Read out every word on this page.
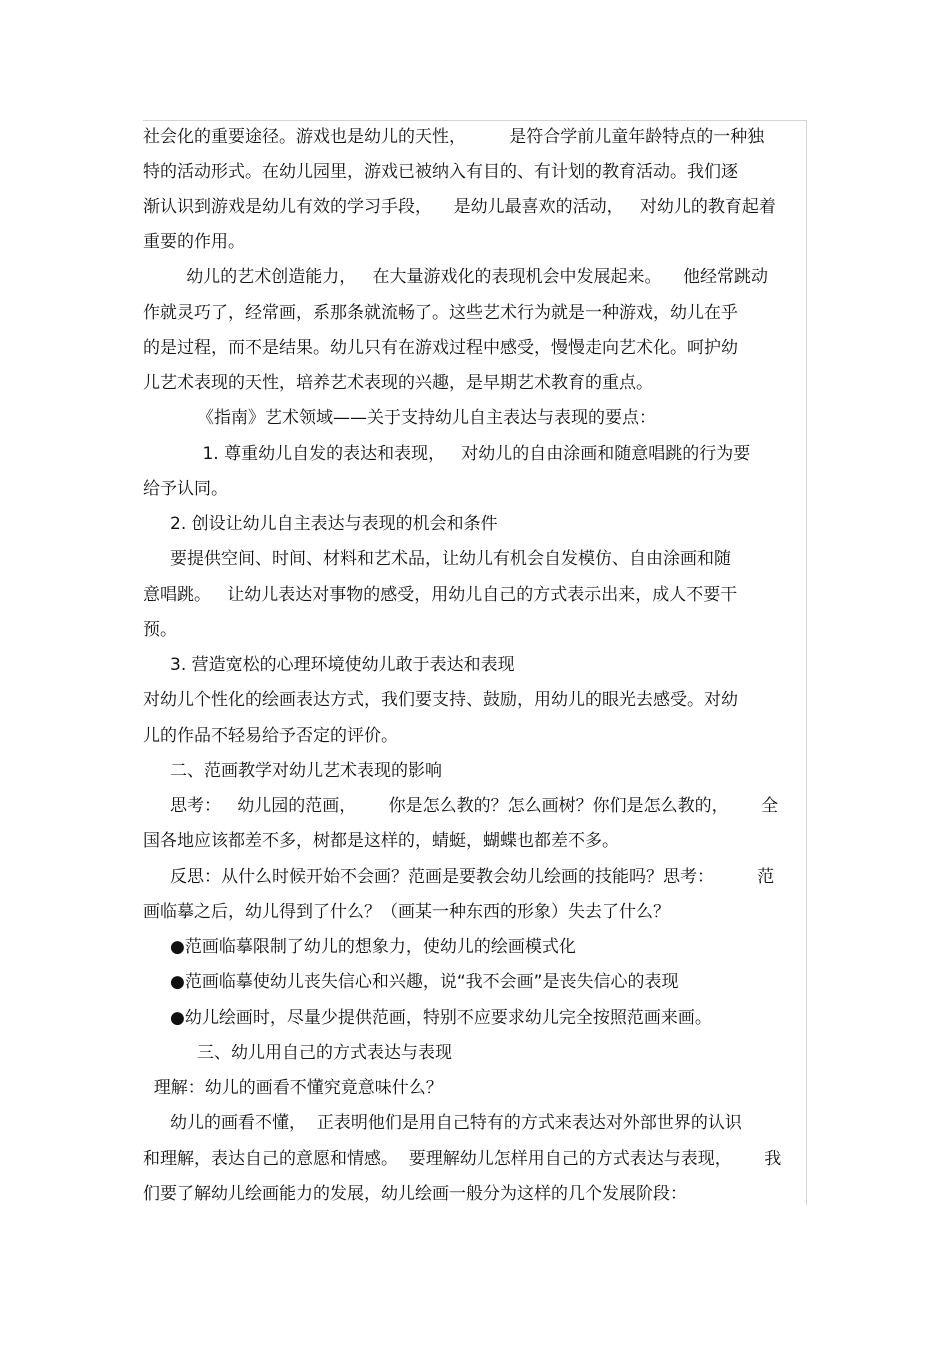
社会化的重要途径。游戏也是幼儿的天性，        是符合学前儿童年龄特点的一种独
特的活动形式。在幼儿园里，游戏已被纳入有目的、有计划的教育活动。我们逐
渐认识到游戏是幼儿有效的学习手段，    是幼儿最喜欢的活动，   对幼儿的教育起着
重要的作用。
幼儿的艺术创造能力，   在大量游戏化的表现机会中发展起来。    他经常跳动
作就灵巧了，经常画，系那条就流畅了。这些艺术行为就是一种游戏，幼儿在乎
的是过程，而不是结果。幼儿只有在游戏过程中感受，慢慢走向艺术化。呵护幼
儿艺术表现的天性，培养艺术表现的兴趣，是早期艺术教育的重点。
《指南》艺术领域——关于支持幼儿自主表达与表现的要点：
1. 尊重幼儿自发的表达和表现，   对幼儿的自由涂画和随意唱跳的行为要
给予认同。
2. 创设让幼儿自主表达与表现的机会和条件
要提供空间、时间、材料和艺术品，让幼儿有机会自发模仿、自由涂画和随
意唱跳。   让幼儿表达对事物的感受，用幼儿自己的方式表示出来，成人不要干
预。
3. 营造宽松的心理环境使幼儿敢于表达和表现
对幼儿个性化的绘画表达方式，我们要支持、鼓励，用幼儿的眼光去感受。对幼
儿的作品不轻易给予否定的评价。
二、范画教学对幼儿艺术表现的影响
思考：   幼儿园的范画，      你是怎么教的？怎么画树？你们是怎么教的，      全
国各地应该都差不多，树都是这样的，蜻蜓，蝴蝶也都差不多。
反思：从什么时候开始不会画？范画是要教会幼儿绘画的技能吗？思考：        范
画临摹之后，幼儿得到了什么？（画某一种东西的形象）失去了什么？
●范画临摹限制了幼儿的想象力，使幼儿的绘画模式化
●范画临摹使幼儿丧失信心和兴趣，说“我不会画”是丧失信心的表现
●幼儿绘画时，尽量少提供范画，特别不应要求幼儿完全按照范画来画。
三、幼儿用自己的方式表达与表现
理解：幼儿的画看不懂究竟意味什么？
幼儿的画看不懂，  正表明他们是用自己特有的方式来表达对外部世界的认识
和理解，表达自己的意愿和情感。  要理解幼儿怎样用自己的方式表达与表现，      我
们要了解幼儿绘画能力的发展，幼儿绘画一般分为这样的几个发展阶段：
